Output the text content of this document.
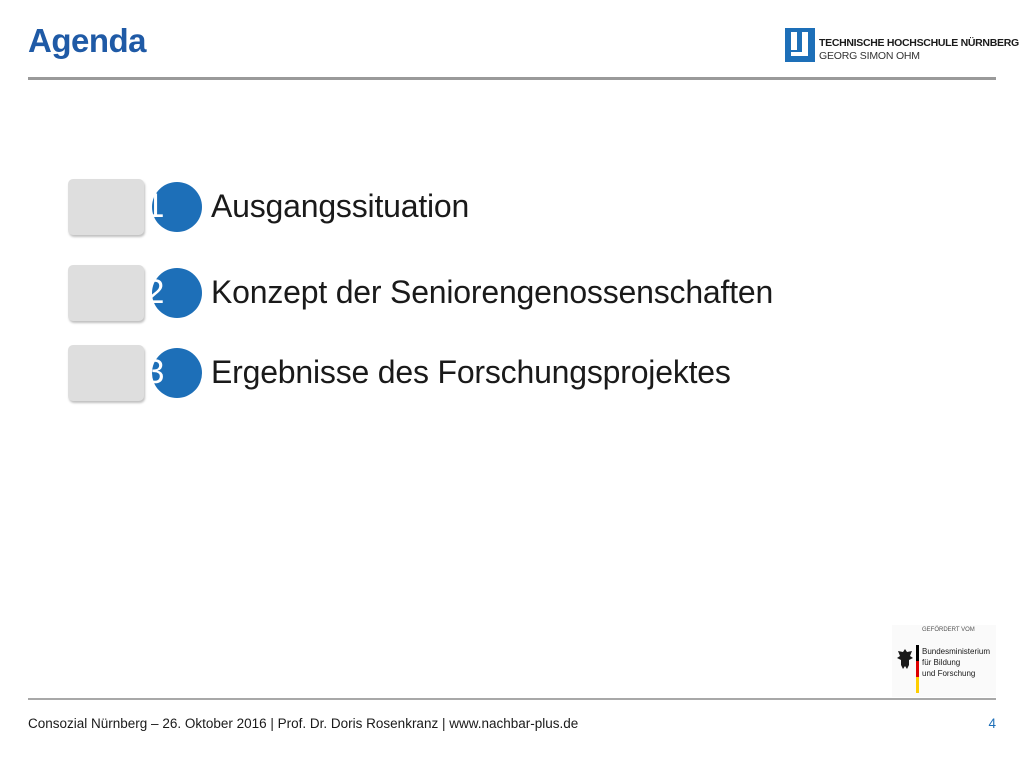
Agenda	TECHNISCHE HOCHSCHULE NÜRNBERG
GEORG SIMON OHM
1 Ausgangssituation
2 Konzept der Seniorengenossenschaften
3 Ergebnisse des Forschungsprojektes
GEFÖRDERT VOM
Bundesministerium
für Bildung
und Forschung
Consozial Nürnberg – 26. Oktober 2016 | Prof. Dr. Doris Rosenkranz | www.nachbar-plus.de	4
